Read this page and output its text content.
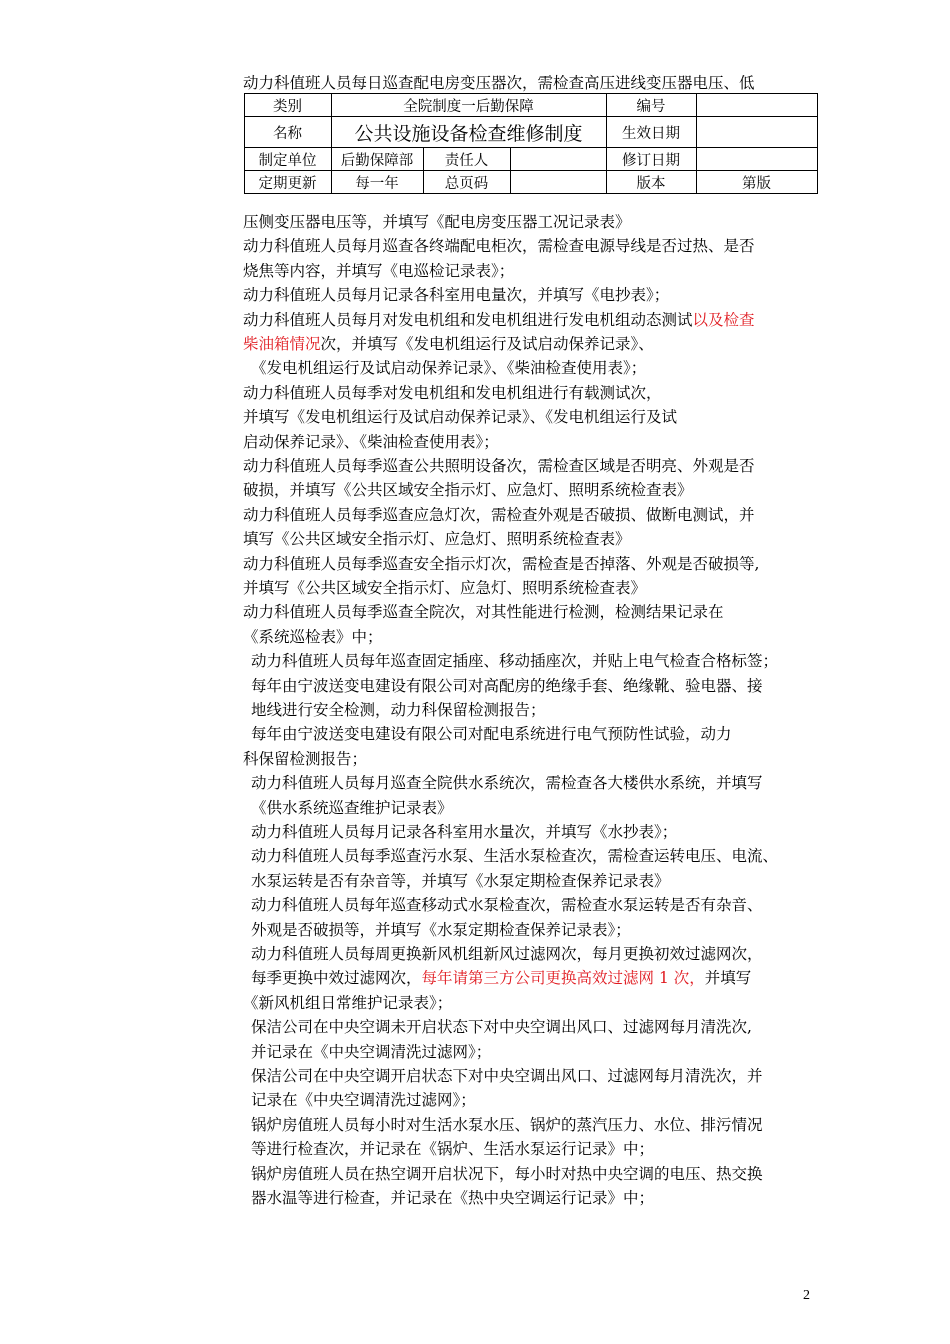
动力科值班人员每日巡查配电房变压器次，需检查高压进线变压器电压、低
	类别	全院制度一后勤保障			编号	
	名称	公共设施设备检查维修制度			生效日期	
	制定单位	后勤保障部	责任人		修订日期	
	定期更新	每一年	总页码		版本	第版
压侧变压器电压等，并填写《配电房变压器工况记录表》
动力科值班人员每月巡查各终端配电柜次，需检查电源导线是否过热、是否
烧焦等内容，并填写《电巡检记录表》；
动力科值班人员每月记录各科室用电量次，并填写《电抄表》；
动力科值班人员每月对发电机组和发电机组进行发电机组动态测试以及检查
柴油箱情况次，并填写《发电机组运行及试启动保养记录》、
《发电机组运行及试启动保养记录》、《柴油检查使用表》；
动力科值班人员每季对发电机组和发电机组进行有载测试次，
并填写《发电机组运行及试启动保养记录》、《发电机组运行及试
启动保养记录》、《柴油检查使用表》；
动力科值班人员每季巡查公共照明设备次，需检查区域是否明亮、外观是否
破损，并填写《公共区域安全指示灯、应急灯、照明系统检查表》
动力科值班人员每季巡查应急灯次，需检查外观是否破损、做断电测试，并
填写《公共区域安全指示灯、应急灯、照明系统检查表》
动力科值班人员每季巡查安全指示灯次，需检查是否掉落、外观是否破损等,
并填写《公共区域安全指示灯、应急灯、照明系统检查表》
动力科值班人员每季巡查全院次，对其性能进行检测，检测结果记录在
《系统巡检表》中；
动力科值班人员每年巡查固定插座、移动插座次，并贴上电气检查合格标签；
每年由宁波送变电建设有限公司对高配房的绝缘手套、绝缘靴、验电器、接
地线进行安全检测，动力科保留检测报告；
每年由宁波送变电建设有限公司对配电系统进行电气预防性试验，动力
科保留检测报告；
动力科值班人员每月巡查全院供水系统次，需检查各大楼供水系统，并填写
《供水系统巡查维护记录表》
动力科值班人员每月记录各科室用水量次，并填写《水抄表》；
动力科值班人员每季巡查污水泵、生活水泵检查次，需检查运转电压、电流、
水泵运转是否有杂音等，并填写《水泵定期检查保养记录表》
动力科值班人员每年巡查移动式水泵检查次，需检查水泵运转是否有杂音、
外观是否破损等，并填写《水泵定期检查保养记录表》；
动力科值班人员每周更换新风机组新风过滤网次，每月更换初效过滤网次，
每季更换中效过滤网次，每年请第三方公司更换高效过滤网 1 次，并填写
《新风机组日常维护记录表》；
保洁公司在中央空调未开启状态下对中央空调出风口、过滤网每月清洗次,
并记录在《中央空调清洗过滤网》；
保洁公司在中央空调开启状态下对中央空调出风口、过滤网每月清洗次，并
记录在《中央空调清洗过滤网》；
锅炉房值班人员每小时对生活水泵水压、锅炉的蒸汽压力、水位、排污情况
等进行检查次，并记录在《锅炉、生活水泵运行记录》中；
锅炉房值班人员在热空调开启状况下，每小时对热中央空调的电压、热交换
器水温等进行检查，并记录在《热中央空调运行记录》中；
2
